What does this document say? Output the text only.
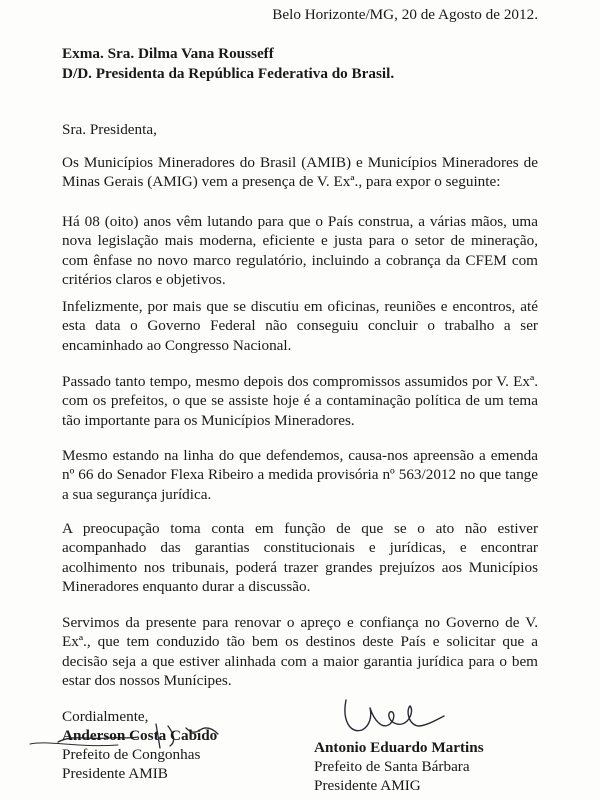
Belo Horizonte/MG, 20 de Agosto de 2012.
Exma. Sra. Dilma Vana Rousseff
D/D. Presidenta da República Federativa do Brasil.
Sra. Presidenta,
Os Municípios Mineradores do Brasil (AMIB) e Municípios Mineradores de Minas Gerais (AMIG) vem a presença de V. Exª., para expor o seguinte:
Há 08 (oito) anos vêm lutando para que o País construa, a várias mãos, uma nova legislação mais moderna, eficiente e justa para o setor de mineração, com ênfase no novo marco regulatório, incluindo a cobrança da CFEM com critérios claros e objetivos.
Infelizmente, por mais que se discutiu em oficinas, reuniões e encontros, até esta data o Governo Federal não conseguiu concluir o trabalho a ser encaminhado ao Congresso Nacional.
Passado tanto tempo, mesmo depois dos compromissos assumidos por V. Exª. com os prefeitos, o que se assiste hoje é a contaminação política de um tema tão importante para os Municípios Mineradores.
Mesmo estando na linha do que defendemos, causa-nos apreensão a emenda nº 66 do Senador Flexa Ribeiro a medida provisória nº 563/2012 no que tange a sua segurança jurídica.
A preocupação toma conta em função de que se o ato não estiver acompanhado das garantias constitucionais e jurídicas, e encontrar acolhimento nos tribunais, poderá trazer grandes prejuízos aos Municípios Mineradores enquanto durar a discussão.
Servimos da presente para renovar o apreço e confiança no Governo de V. Exª., que tem conduzido tão bem os destinos deste País e solicitar que a decisão seja a que estiver alinhada com a maior garantia jurídica para o bem estar dos nossos Munícipes.
Cordialmente,
Anderson Costa Cabido
Prefeito de Congonhas
Presidente AMIB
Antonio Eduardo Martins
Prefeito de Santa Bárbara
Presidente AMIG
